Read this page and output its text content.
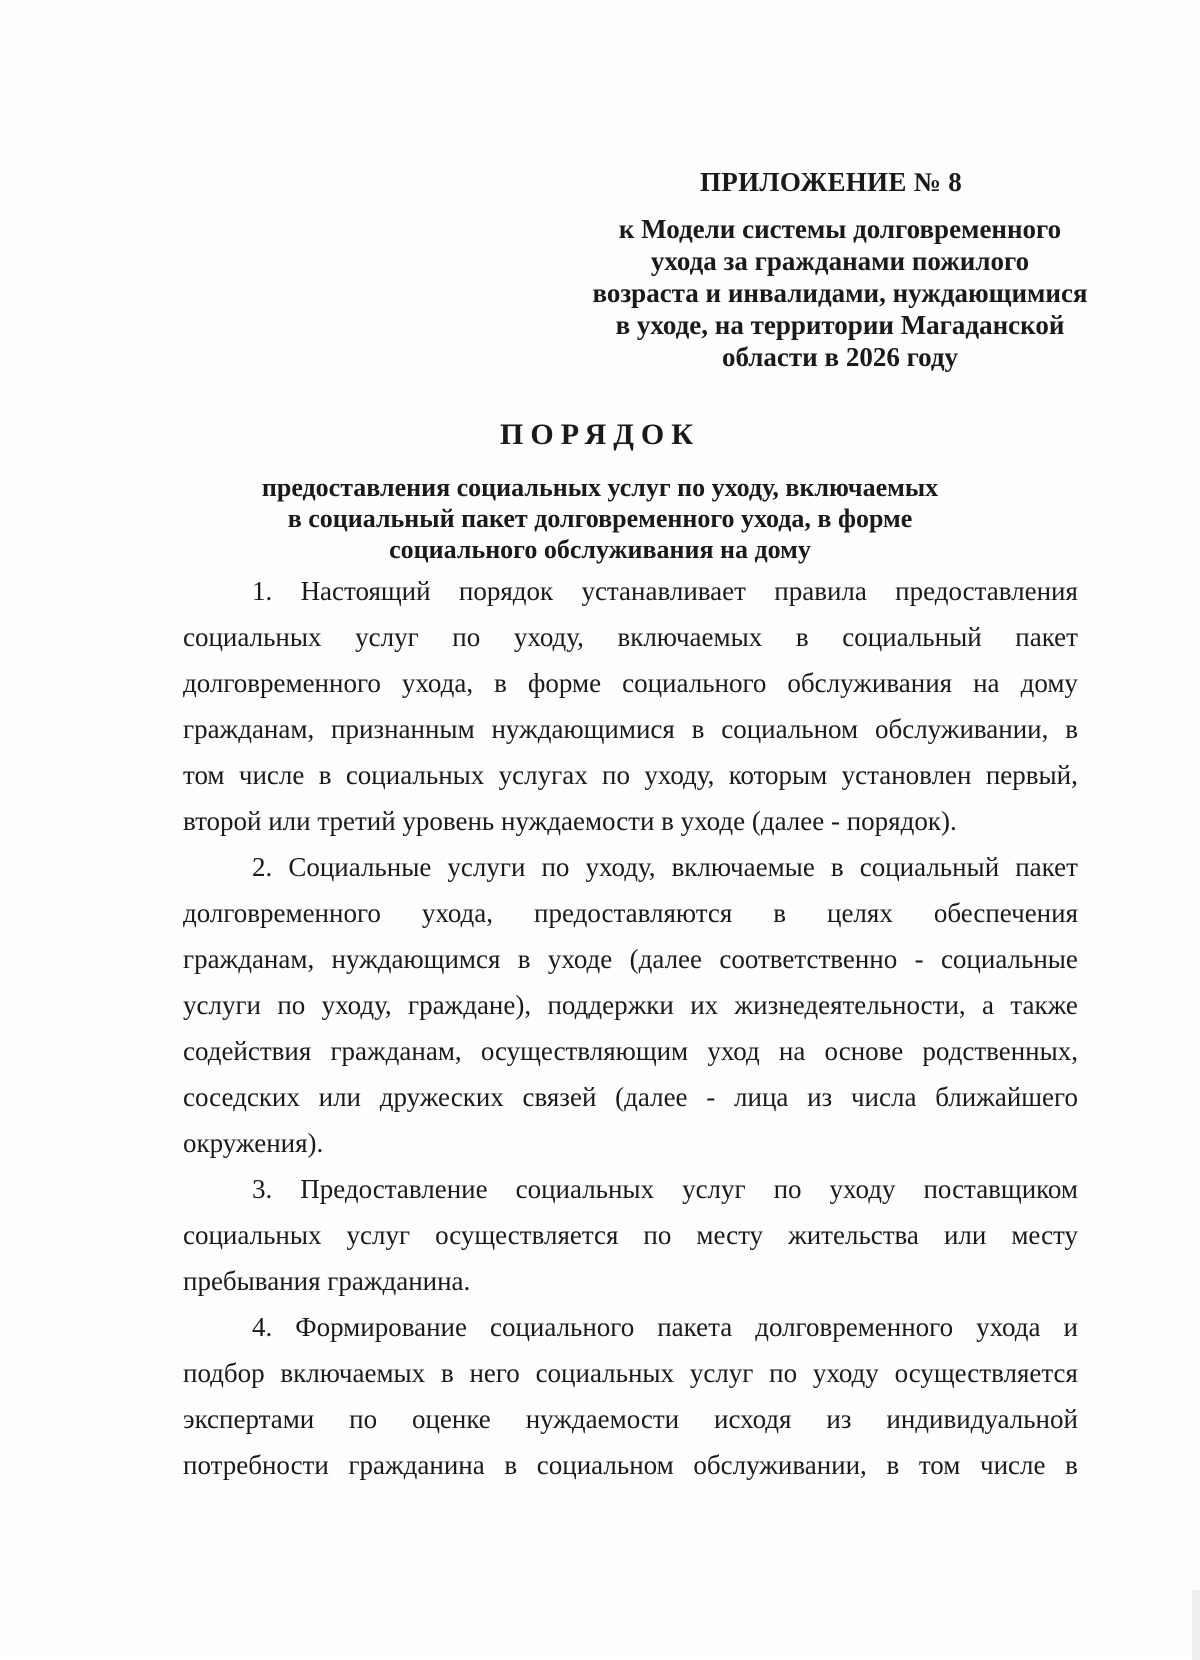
ПРИЛОЖЕНИЕ № 8
к Модели системы долговременного
ухода за гражданами пожилого
возраста и инвалидами, нуждающимися
в уходе, на территории Магаданской
области в 2026 году
ПОРЯДОК
предоставления социальных услуг по уходу, включаемых
в социальный пакет долговременного ухода, в форме
социального обслуживания на дому
1. Настоящий порядок устанавливает правила предоставления
социальных услуг по уходу, включаемых в социальный пакет
долговременного ухода, в форме социального обслуживания на дому
гражданам, признанным нуждающимися в социальном обслуживании, в
том числе в социальных услугах по уходу, которым установлен первый,
второй или третий уровень нуждаемости в уходе (далее - порядок).
2. Социальные услуги по уходу, включаемые в социальный пакет
долговременного ухода, предоставляются в целях обеспечения
гражданам, нуждающимся в уходе (далее соответственно - социальные
услуги по уходу, граждане), поддержки их жизнедеятельности, а также
содействия гражданам, осуществляющим уход на основе родственных,
соседских или дружеских связей (далее - лица из числа ближайшего
окружения).
3. Предоставление социальных услуг по уходу поставщиком
социальных услуг осуществляется по месту жительства или месту
пребывания гражданина.
4. Формирование социального пакета долговременного ухода и
подбор включаемых в него социальных услуг по уходу осуществляется
экспертами по оценке нуждаемости исходя из индивидуальной
потребности гражданина в социальном обслуживании, в том числе в
